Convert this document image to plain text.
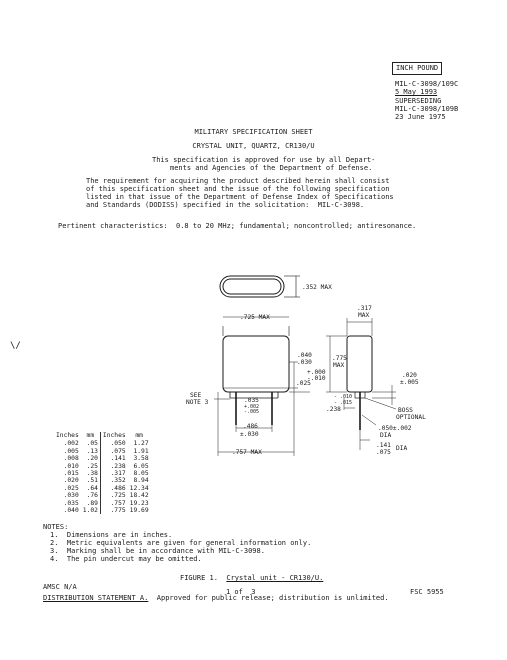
INCH POUND
MIL-C-3098/109C
5 May 1993
SUPERSEDING
MIL-C-3098/109B
23 June 1975
MILITARY SPECIFICATION SHEET
CRYSTAL UNIT, QUARTZ, CR130/U
This specification is approved for use by all Depart-
ments and Agencies of the Department of Defense.
The requirement for acquiring the product described herein shall consist
of this specification sheet and the issue of the following specification
listed in that issue of the Department of Defense Index of Specifications
and Standards (DODISS) specified in the solicitation:  MIL-C-3098.
Pertinent characteristics:  0.8 to 20 MHz; fundamental; noncontrolled; antiresonance.
\/
.352 MAX
.725 MAX
.040
.030
+.000
-.010
.025
SEE
NOTE 3	.035
+.002
-.005
.486
±.030
.757 MAX
.317
MAX
.775
MAX
.020
±.005
- .010
- .015
.238	BOSS
OPTIONAL
.050±.002
DIA
.141
.075
DIA
Inches	mm		Inches	mm
.002	.05		.050	1.27
.005	.13		.075	1.91
.008	.20		.141	3.58
.010	.25		.238	6.05
.015	.38		.317	8.05
.020	.51		.352	8.94
.025	.64		.486	12.34
.030	.76		.725	18.42
.035	.89		.757	19.23
.040	1.02		.775	19.69
NOTES:
1.  Dimensions are in inches.
2.  Metric equivalents are given for general information only.
3.  Marking shall be in accordance with MIL-C-3098.
4.  The pin undercut may be omitted.
FIGURE 1. Crystal unit - CR130/U.
AMSC N/A
1 of  3	FSC 5955
DISTRIBUTION STATEMENT A.  Approved for public release; distribution is unlimited.
